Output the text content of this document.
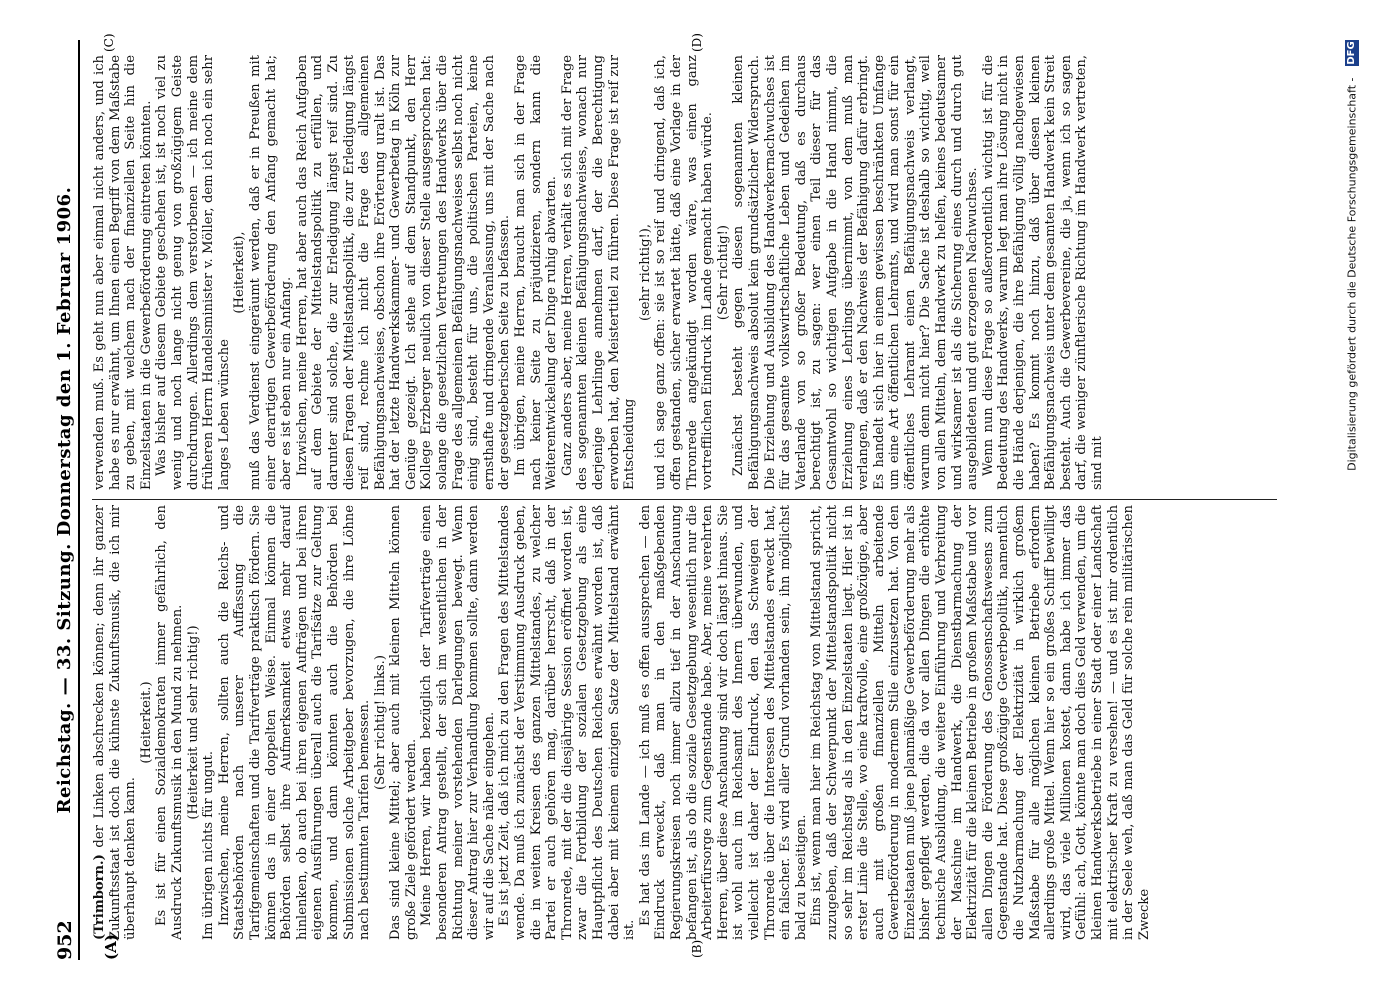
952
Reichstag. — 33. Sitzung. Donnerstag den 1. Februar 1906.
(A)	(B)
(C)	(D)

(Trimborn.) der Linken abschrecken können; denn ihr ganzer Zukunftsstaat ist doch die kühnste Zukunftsmusik, die ich mir überhaupt denken kann.

(Heiterkeit.) Es ist für einen Sozialdemokraten immer gefährlich, den Ausdruck Zukunftsmusik in den Mund zu nehmen. (Heiterkeit und sehr richtig!)

Im übrigen nichts für ungut. Inzwischen, meine Herren, sollten auch die Reichs- und Staatsbehörden nach unserer Auffassung die Tarifgemeinschaften und die Tarifverträge praktisch fördern. Sie können das in einer doppelten Weise. Einmal können die Behörden selbst ihre Aufmerksamkeit etwas mehr darauf hinlenken, ob auch bei ihren eigenen Aufträgen und bei ihren eigenen Ausführungen überall auch die Tarifsätze zur Geltung kommen, und dann könnten auch die Behörden bei Submissionen solche Arbeitgeber bevorzugen, die ihre Löhne nach bestimmten Tarifen bemessen. (Sehr richtig! links.) Das sind kleine Mittel; aber auch mit kleinen Mitteln können große Ziele gefördert werden. Meine Herren, wir haben bezüglich der Tarifverträge einen besonderen Antrag gestellt, der sich im wesentlichen in der Richtung meiner vorstehenden Darlegungen bewegt. Wenn dieser Antrag hier zur Verhandlung kommen sollte, dann werden wir auf die Sache näher eingehen. Es ist jetzt Zeit, daß ich mich zu den Fragen des Mittelstandes wende. Da muß ich zunächst der Verstimmung Ausdruck geben, die in weiten Kreisen des ganzen Mittelstandes, zu welcher Partei er auch gehören mag, darüber herrscht, daß in der Thronrede, mit der die diesjährige Session eröffnet worden ist, zwar die Fortbildung der sozialen Gesetzgebung als eine Hauptpflicht des Deutschen Reiches erwähnt worden ist, daß dabei aber mit keinem einzigen Satze der Mittelstand erwähnt ist.

Es hat das im Lande — ich muß es offen aussprechen — den Eindruck erweckt, daß man in den maßgebenden Regierungskreisen noch immer allzu tief in der Anschauung befangen ist, als ob die soziale Gesetzgebung wesentlich nur die Arbeiterfürsorge zum Gegenstande habe. Aber, meine verehrten Herren, über diese Anschauung sind wir doch längst hinaus. Sie ist wohl auch im Reichsamt des Innern überwunden, und vielleicht ist daher der Eindruck, den das Schweigen der Thronrede über die Interessen des Mittelstandes erweckt hat, ein falscher. Es wird aller Grund vorhanden sein, ihn möglichst bald zu beseitigen. Eins ist, wenn man hier im Reichstag von Mittelstand spricht, zuzugeben, daß der Schwerpunkt der Mittelstandspolitik nicht so sehr im Reichstag als in den Einzelstaaten liegt. Hier ist in erster Linie die Stelle, wo eine kraftvolle, eine großzügige, aber auch mit großen finanziellen Mitteln arbeitende Gewerbeförderung in modernem Stile einzusetzen hat. Von den Einzelstaaten muß jene planmäßige Gewerbeförderung mehr als bisher gepflegt werden, die da vor allen Dingen die erhöhte technische Ausbildung, die weitere Einführung und Verbreitung der Maschine im Handwerk, die Dienstbarmachung der Elektrizität für die kleinen Betriebe in großem Maßstabe und vor allen Dingen die Förderung des Genossenschaftswesens zum Gegenstande hat. Diese großzügige Gewerbepolitik, namentlich die Nutzbarmachung der Elektrizität in wirklich großem Maßstabe für alle möglichen kleinen Betriebe erfordern allerdings große Mittel. Wenn hier so ein großes Schiff bewilligt wird, das viele Millionen kostet, dann habe ich immer das Gefühl: ach, Gott, könnte man doch dies Geld verwenden, um die kleinen Handwerksbetriebe in einer Stadt oder einer Landschaft mit elektrischer Kraft zu versehen! — und es ist mir ordentlich in der Seele weh, daß man das Geld für solche rein militärischen Zwecke

verwenden muß. Es geht nun aber einmal nicht anders, und ich habe es nur erwähnt, um Ihnen einen Begriff von dem Maßstabe zu geben, mit welchem nach der finanziellen Seite hin die Einzelstaaten in die Gewerbeförderung eintreten könnten. Was bisher auf diesem Gebiete geschehen ist, ist noch viel zu wenig und noch lange nicht genug von großzügigem Geiste durchdrungen. Allerdings dem verstorbenen — ich meine dem früheren Herrn Handelsminister v. Möller, dem ich noch ein sehr langes Leben wünsche

(Heiterkeit), muß das Verdienst eingeräumt werden, daß er in Preußen mit einer derartigen Gewerbeförderung den Anfang gemacht hat; aber es ist eben nur ein Anfang. Inzwischen, meine Herren, hat aber auch das Reich Aufgaben auf dem Gebiete der Mittelstandspolitik zu erfüllen, und darunter sind solche, die zur Erledigung längst reif sind. Zu diesen Fragen der Mittelstandspolitik, die zur Erledigung längst reif sind, rechne ich nicht die Frage des allgemeinen Befähigungsnachweises, obschon ihre Erörterung uralt ist. Das hat der letzte Handwerkskammer- und Gewerbetag in Köln zur Genüge gezeigt. Ich stehe auf dem Standpunkt, den Herr Kollege Erzberger neulich von dieser Stelle ausgesprochen hat: solange die gesetzlichen Vertretungen des Handwerks über die Frage des allgemeinen Befähigungsnachweises selbst noch nicht einig sind, besteht für uns, die politischen Parteien, keine ernsthafte und dringende Veranlassung, uns mit der Sache nach der gesetzgeberischen Seite zu befassen. Im übrigen, meine Herren, braucht man sich in der Frage nach keiner Seite zu präjudizieren, sondern kann die Weiterentwickelung der Dinge ruhig abwarten. Ganz anders aber, meine Herren, verhält es sich mit der Frage des sogenannten kleinen Befähigungsnachweises, wonach nur derjenige Lehrlinge annehmen darf, der die Berechtigung erworben hat, den Meistertitel zu führen. Diese Frage ist reif zur Entscheidung

(sehr richtig!), und ich sage ganz offen: sie ist so reif und dringend, daß ich, offen gestanden, sicher erwartet hätte, daß eine Vorlage in der Thronrede angekündigt worden wäre, was einen ganz vortrefflichen Eindruck im Lande gemacht haben würde. (Sehr richtig!) Zunächst besteht gegen diesen sogenannten kleinen Befähigungsnachweis absolut kein grundsätzlicher Widerspruch. Die Erziehung und Ausbildung des Handwerkernachwuchses ist für das gesamte volkswirtschaftliche Leben und Gedeihen im Vaterlande von so großer Bedeutung, daß es durchaus berechtigt ist, zu sagen: wer einen Teil dieser für das Gesamtwohl so wichtigen Aufgabe in die Hand nimmt, die Erziehung eines Lehrlings übernimmt, von dem muß man verlangen, daß er den Nachweis der Befähigung dafür erbringt. Es handelt sich hier in einem gewissen beschränkten Umfange um eine Art öffentlichen Lehramts, und wird man sonst für ein öffentliches Lehramt einen Befähigungsnachweis verlangt, warum denn nicht hier? Die Sache ist deshalb so wichtig, weil von allen Mitteln, dem Handwerk zu helfen, keines bedeutsamer und wirksamer ist als die Sicherung eines durch und durch gut ausgebildeten und gut erzogenen Nachwuchses. Wenn nun diese Frage so außerordentlich wichtig ist für die Bedeutung des Handwerks, warum legt man ihre Lösung nicht in die Hände derjenigen, die ihre Befähigung völlig nachgewiesen haben? Es kommt noch hinzu, daß über diesen kleinen Befähigungsnachweis unter dem gesamten Handwerk kein Streit besteht. Auch die Gewerbevereine, die ja, wenn ich so sagen darf, die weniger zünftlerische Richtung im Handwerk vertreten, sind mit	Digitalisierung gefördert durch die Deutsche Forschungsgemeinschaft - DFG
